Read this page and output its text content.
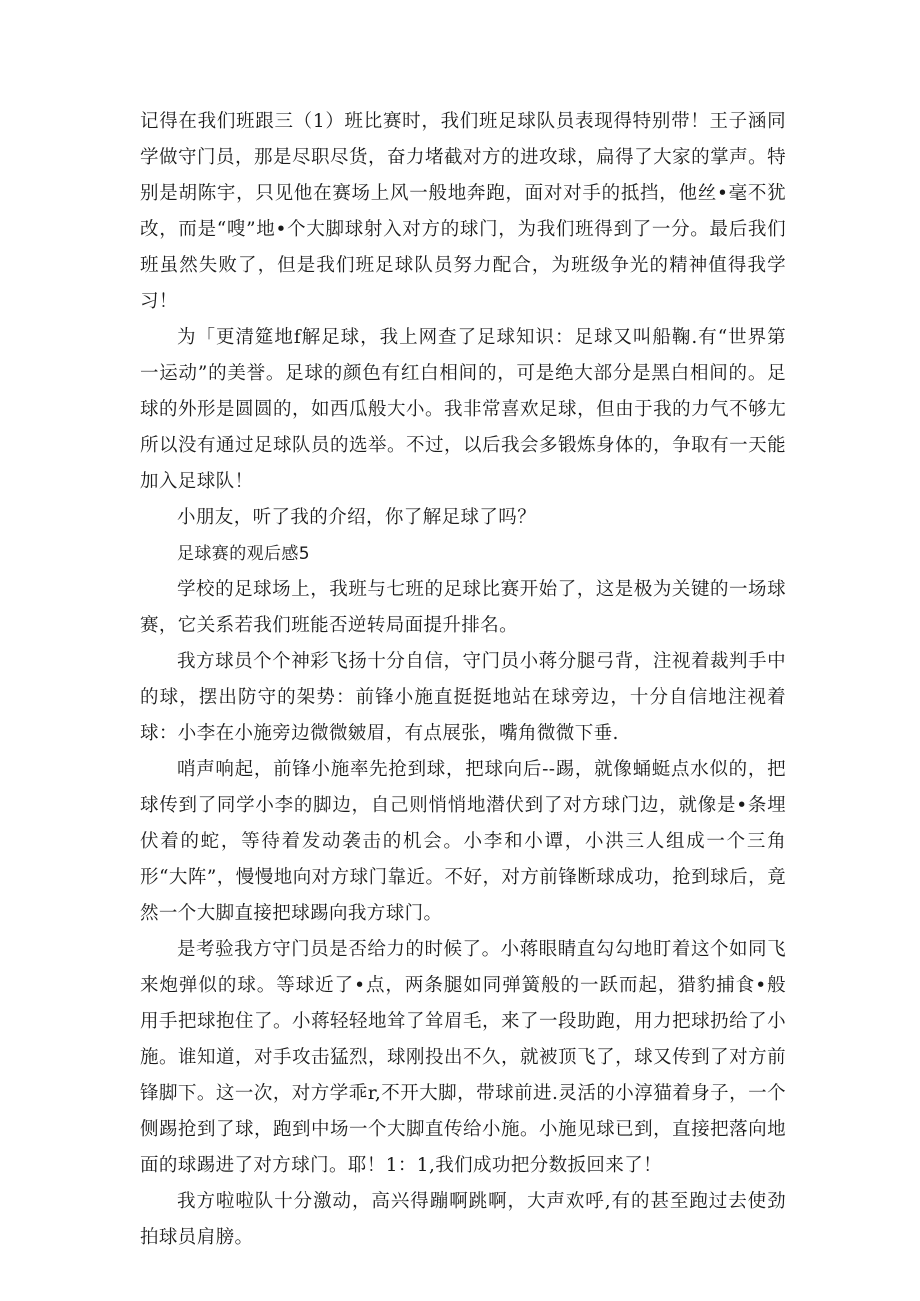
记得在我们班跟三（1）班比赛时，我们班足球队员表现得特别带！王子涵同学做守门员，那是尽职尽货，奋力堵截对方的进攻球，扁得了大家的掌声。特别是胡陈宇，只见他在赛场上风一般地奔跑，面对对手的抵挡，他丝•毫不犹改，而是“嗖”地•个大脚球射入对方的球门，为我们班得到了一分。最后我们班虽然失败了，但是我们班足球队员努力配合，为班级争光的精神值得我学习！

为「更清筵地f解足球，我上网查了足球知识：足球又叫船鞠.有“世界第一运动”的美誉。足球的颜色有红白相间的，可是绝大部分是黑白相间的。足球的外形是圆圆的，如西瓜般大小。我非常喜欢足球，但由于我的力气不够尢所以没有通过足球队员的选举。不过，以后我会多锻炼身体的，争取有一天能加入足球队！

小朋友，听了我的介绍，你了解足球了吗？

足球赛的观后感5

学校的足球场上，我班与七班的足球比赛开始了，这是极为关键的一场球赛，它关系若我们班能否逆转局面提升排名。

我方球员个个神彩飞扬十分自信，守门员小蒋分腿弓背，注视着裁判手中的球，摆出防守的架势：前锋小施直挺挺地站在球旁边，十分自信地注视着球：小李在小施旁边微微皴眉，有点展张，嘴角微微下垂.

哨声响起，前锋小施率先抢到球，把球向后--踢，就像蛹蜓点水似的，把球传到了同学小李的脚边，自己则悄悄地潜伏到了对方球门边，就像是•条埋伏着的蛇，等待着发动袭击的机会。小李和小谭，小洪三人组成一个三角形“大阵”，慢慢地向对方球门靠近。不好，对方前锋断球成功，抢到球后，竟然一个大脚直接把球踢向我方球门。

是考验我方守门员是否给力的时候了。小蒋眼睛直勾勾地盯着这个如同飞来炮弹似的球。等球近了•点，两条腿如同弹簧般的一跃而起，猎豹捕食•般用手把球抱住了。小蒋轻轻地耸了耸眉毛，来了一段助跑，用力把球扔给了小施。谁知道，对手攻击猛烈，球刚投出不久，就被顶飞了，球又传到了对方前锋脚下。这一次，对方学乖r,不开大脚，带球前进.灵活的小淳猫着身子，一个侧踢抢到了球，跑到中场一个大脚直传给小施。小施见球已到，直接把落向地面的球踢进了对方球门。耶！1：1,我们成功把分数扳回来了！

我方啦啦队十分激动，高兴得蹦啊跳啊，大声欢呼,有的甚至跑过去使劲拍球员肩膀。
